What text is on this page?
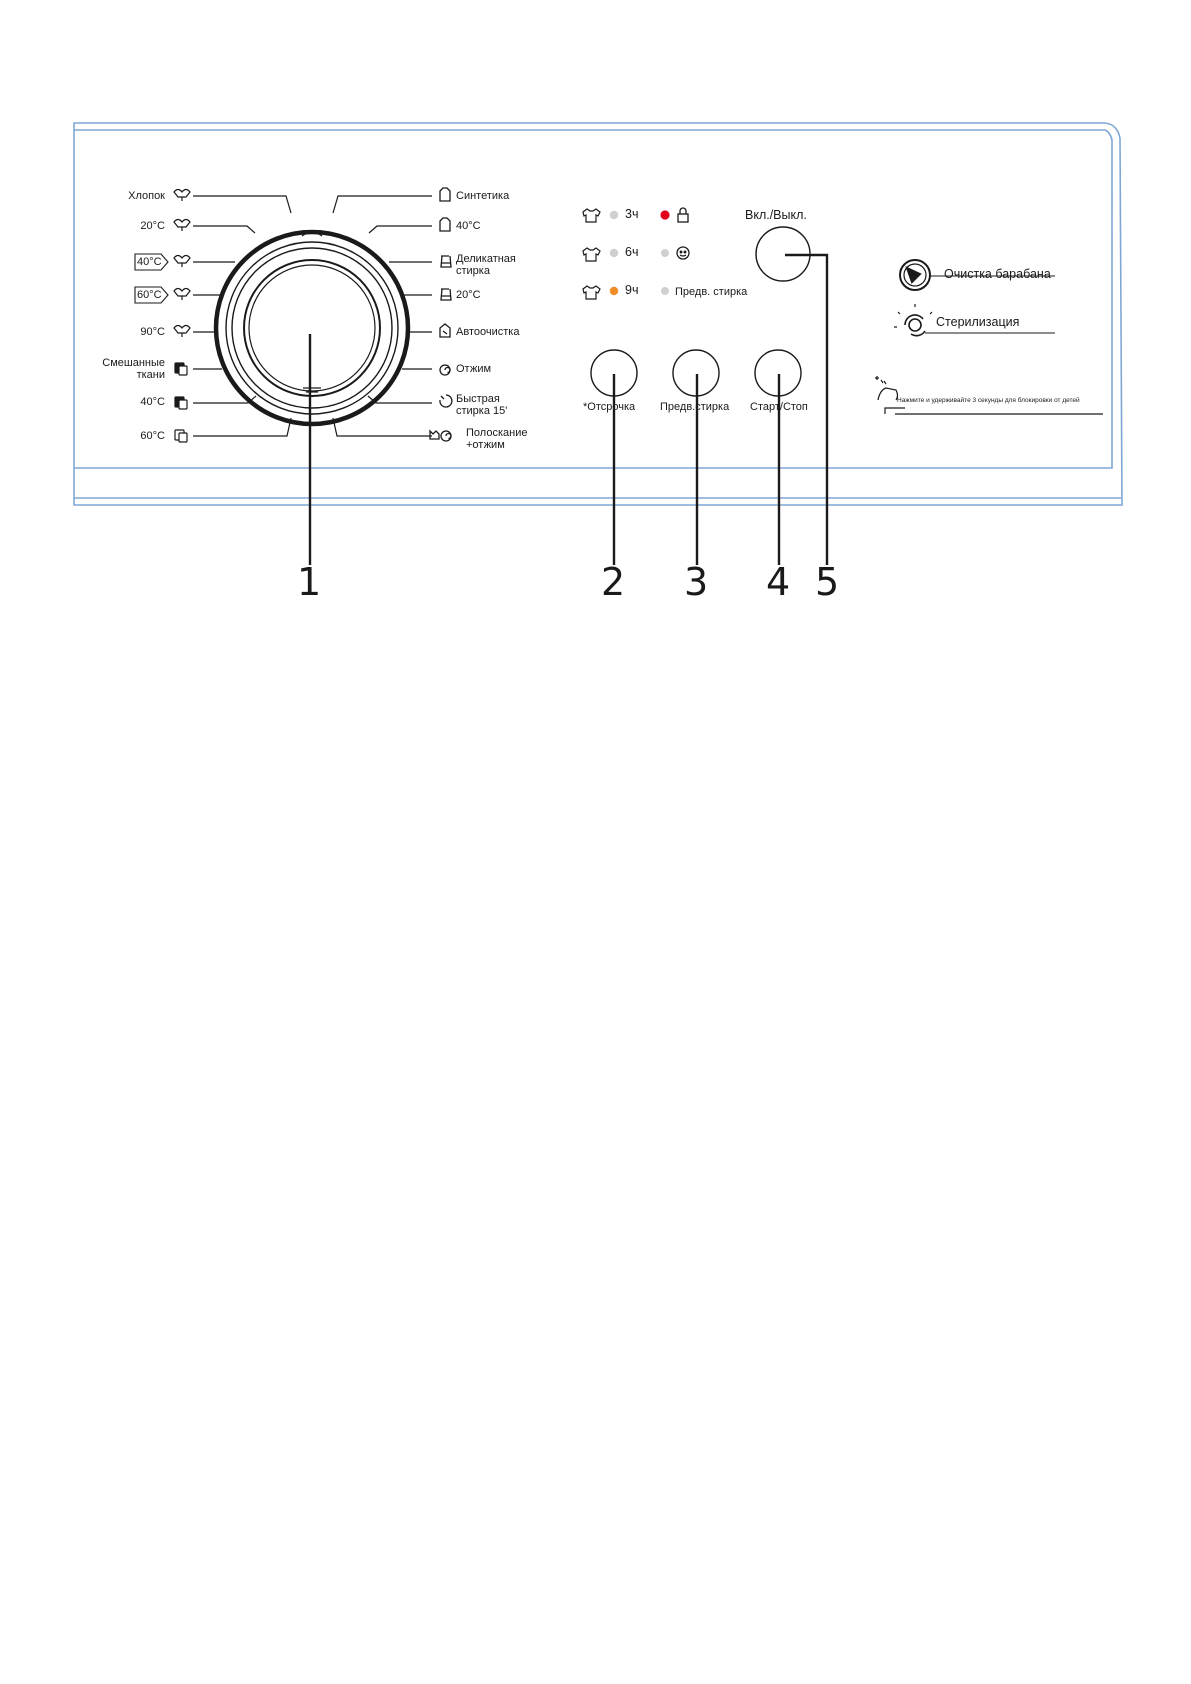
Хлопок
20°C
40°C
60°C
90°C
Смешанные
ткани
40°C
60°C
Синтетика
40°C
Деликатная
стирка
20°C
Автоочистка
Отжим
Быстрая
стирка 15'
Полоскание
+отжим
3ч
6ч
9ч	Предв. стирка
*Отсрочка Предв.стирка Старт/Стоп
Вкл./Выкл.
Очистка барабана
Стерилизация
Нажмите и удерживайте 3 секунды для блокировки от детей
1	2 3 4 5
